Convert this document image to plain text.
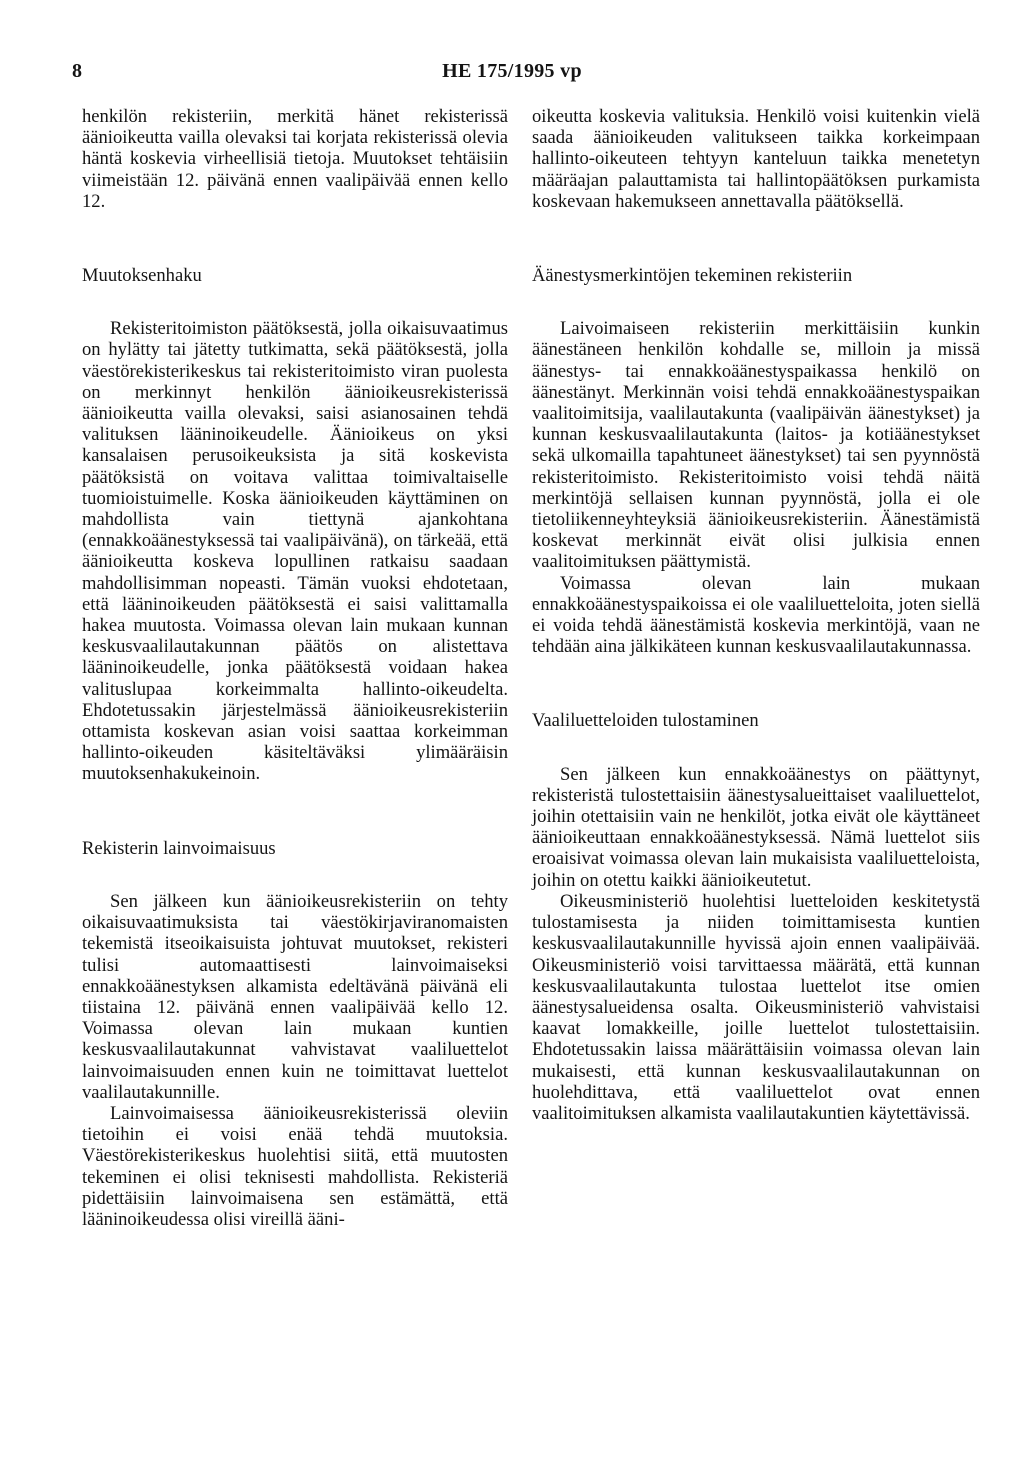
8	HE 175/1995 vp

henkilön rekisteriin, merkitä hänet rekisterissä äänioikeutta vailla olevaksi tai korjata rekisterissä olevia häntä koskevia virheellisiä tietoja. Muutokset tehtäisiin viimeistään 12. päivänä ennen vaalipäivää ennen kello 12.

Muutoksenhaku

Rekisteritoimiston päätöksestä, jolla oikaisuvaatimus on hylätty tai jätetty tutkimatta, sekä päätöksestä, jolla väestörekisterikeskus tai rekisteritoimisto viran puolesta on merkinnyt henkilön äänioikeusrekisterissä äänioikeutta vailla olevaksi, saisi asianosainen tehdä valituksen lääninoikeudelle. Äänioikeus on yksi kansalaisen perusoikeuksista ja sitä koskevista päätöksistä on voitava valittaa toimivaltaiselle tuomioistuimelle. Koska äänioikeuden käyttäminen on mahdollista vain tiettynä ajankohtana (ennakkoäänestyksessä tai vaalipäivänä), on tärkeää, että äänioikeutta koskeva lopullinen ratkaisu saadaan mahdollisimman nopeasti. Tämän vuoksi ehdotetaan, että lääninoikeuden päätöksestä ei saisi valittamalla hakea muutosta. Voimassa olevan lain mukaan kunnan keskusvaalilautakunnan päätös on alistettava lääninoikeudelle, jonka päätöksestä voidaan hakea valituslupaa korkeimmalta hallinto-oikeudelta. Ehdotetussakin järjestelmässä äänioikeusrekisteriin ottamista koskevan asian voisi saattaa korkeimman hallinto-oikeuden käsiteltäväksi ylimääräisin muutoksenhakukeinoin.

Rekisterin lainvoimaisuus

Sen jälkeen kun äänioikeusrekisteriin on tehty oikaisuvaatimuksista tai väestökirjaviranomaisten tekemistä itseoikaisuista johtuvat muutokset, rekisteri tulisi automaattisesti lainvoimaiseksi ennakkoäänestyksen alkamista edeltävänä päivänä eli tiistaina 12. päivänä ennen vaalipäivää kello 12. Voimassa olevan lain mukaan kuntien keskusvaalilautakunnat vahvistavat vaaliluettelot lainvoimaisuuden ennen kuin ne toimittavat luettelot vaalilautakunnille.

Lainvoimaisessa äänioikeusrekisterissä oleviin tietoihin ei voisi enää tehdä muutoksia. Väestörekisterikeskus huolehtisi siitä, että muutosten tekeminen ei olisi teknisesti mahdollista. Rekisteriä pidettäisiin lainvoimaisena sen estämättä, että lääninoikeudessa olisi vireillä ääni-

oikeutta koskevia valituksia. Henkilö voisi kuitenkin vielä saada äänioikeuden valitukseen taikka korkeimpaan hallinto-oikeuteen tehtyyn kanteluun taikka menetetyn määräajan palauttamista tai hallintopäätöksen purkamista koskevaan hakemukseen annettavalla päätöksellä.

Äänestysmerkintöjen tekeminen rekisteriin

Laivoimaiseen rekisteriin merkittäisiin kunkin äänestäneen henkilön kohdalle se, milloin ja missä äänestys- tai ennakkoäänestyspaikassa henkilö on äänestänyt. Merkinnän voisi tehdä ennakkoäänestyspaikan vaalitoimitsija, vaalilautakunta (vaalipäivän äänestykset) ja kunnan keskusvaalilautakunta (laitos- ja kotiäänestykset sekä ulkomailla tapahtuneet äänestykset) tai sen pyynnöstä rekisteritoimisto. Rekisteritoimisto voisi tehdä näitä merkintöjä sellaisen kunnan pyynnöstä, jolla ei ole tietoliikenneyhteyksiä äänioikeusrekisteriin. Äänestämistä koskevat merkinnät eivät olisi julkisia ennen vaalitoimituksen päättymistä.

Voimassa olevan lain mukaan ennakkoäänestyspaikoissa ei ole vaaliluetteloita, joten siellä ei voida tehdä äänestämistä koskevia merkintöjä, vaan ne tehdään aina jälkikäteen kunnan keskusvaalilautakunnassa.

Vaaliluetteloiden tulostaminen

Sen jälkeen kun ennakkoäänestys on päättynyt, rekisteristä tulostettaisiin äänestysalueittaiset vaaliluettelot, joihin otettaisiin vain ne henkilöt, jotka eivät ole käyttäneet äänioikeuttaan ennakkoäänestyksessä. Nämä luettelot siis eroaisivat voimassa olevan lain mukaisista vaaliluetteloista, joihin on otettu kaikki äänioikeutetut.

Oikeusministeriö huolehtisi luetteloiden keskitetystä tulostamisesta ja niiden toimittamisesta kuntien keskusvaalilautakunnille hyvissä ajoin ennen vaalipäivää. Oikeusministeriö voisi tarvittaessa määrätä, että kunnan keskusvaalilautakunta tulostaa luettelot itse omien äänestysalueidensa osalta. Oikeusministeriö vahvistaisi kaavat lomakkeille, joille luettelot tulostettaisiin. Ehdotetussakin laissa määrättäisiin voimassa olevan lain mukaisesti, että kunnan keskusvaalilautakunnan on huolehdittava, että vaaliluettelot ovat ennen vaalitoimituksen alkamista vaalilautakuntien käytettävissä.
